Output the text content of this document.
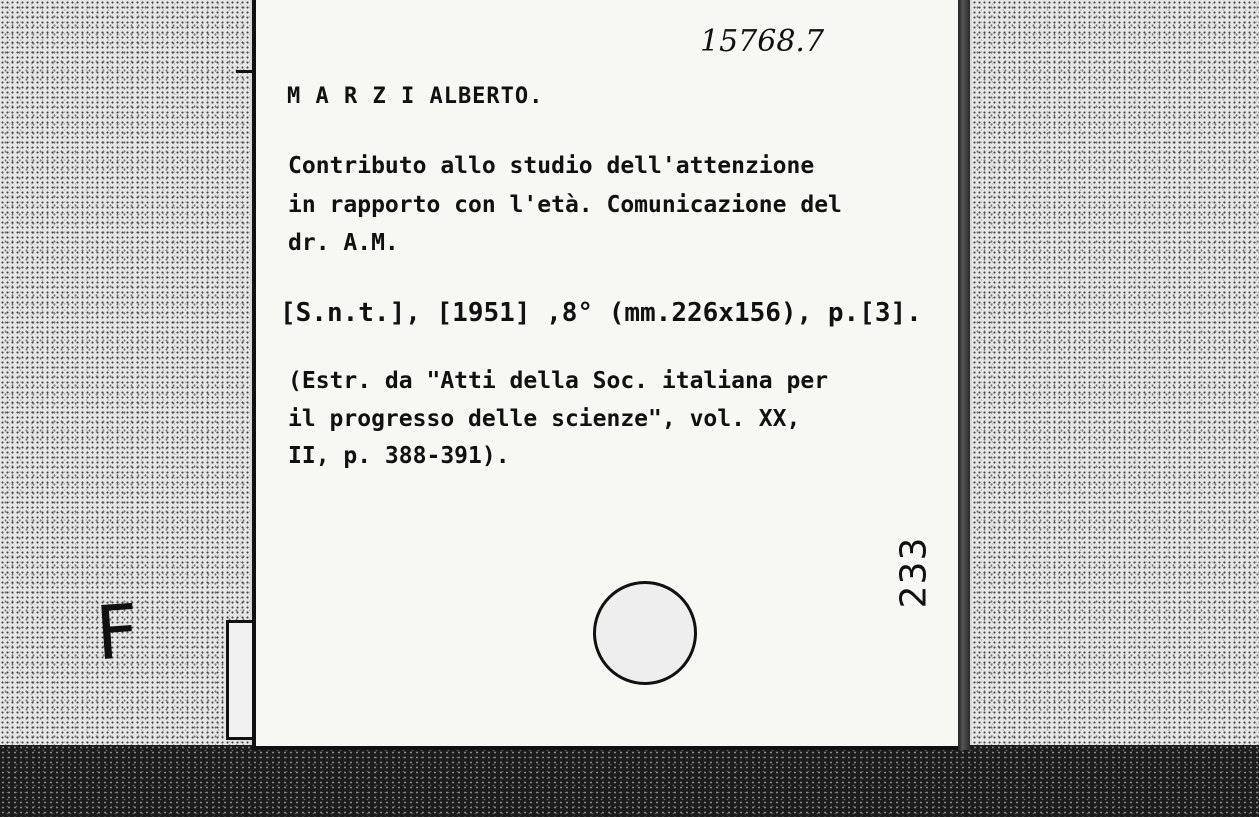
F
15768.7
M A R Z I ALBERTO.
Contributo allo studio dell'attenzione
in rapporto con l'età. Comunicazione del
dr. A.M.
[S.n.t.], [1951] ,8° (mm.226x156), p.[3].
(Estr. da "Atti della Soc. italiana per
il progresso delle scienze", vol. XX,
II, p. 388-391).
233
